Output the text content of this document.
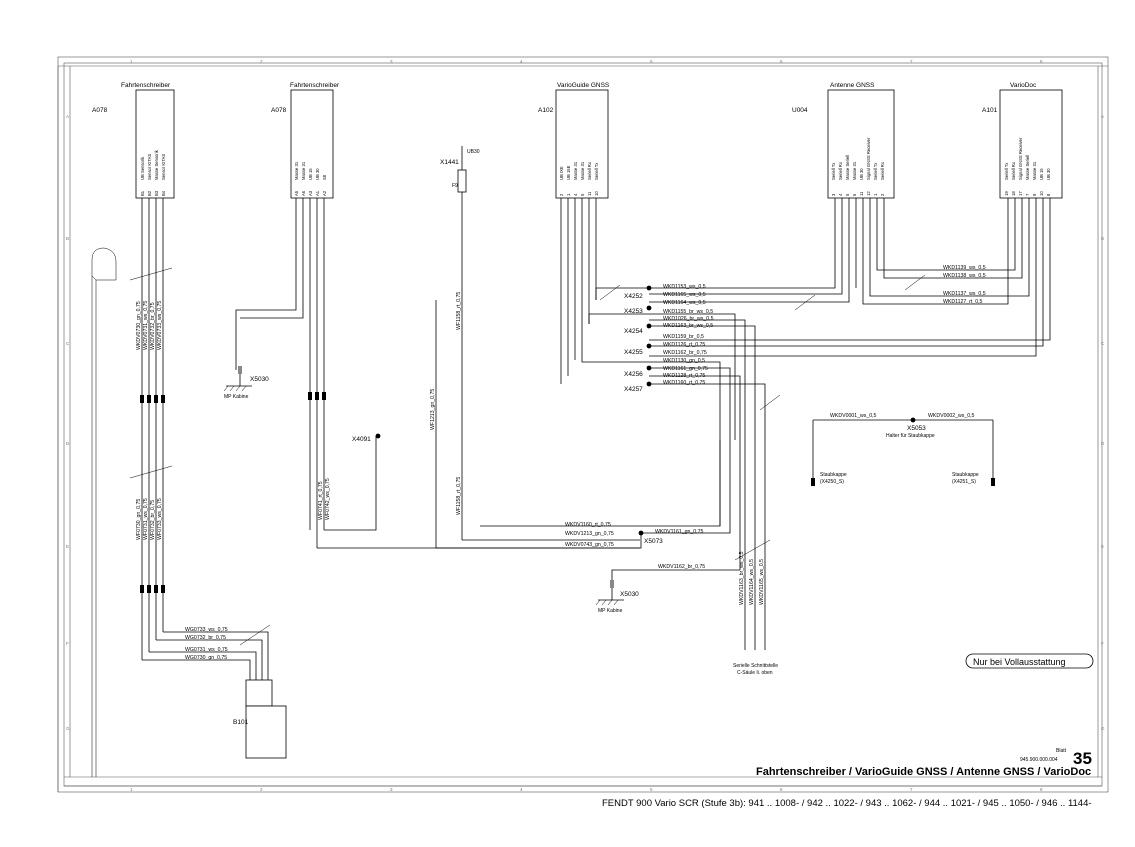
1	2	3	4	5	6	7	8
1	2	3	4	5	6	7	8
A
B
C
D
E
F
G
A
B
C
D
E
F
G
Fahrtenschreiber
A078
UB Sensorik Sensor KITAS Masse Sensorik Sensor KITAS
B1 B2 B3 B4
WKDV0730_gn_0,75 WKDV0731_ws_0,75 WKDV0732_br_0,75 WKDV0733_ws_0,75
WF0730_gn_0,75 WF0731_ws_0,75 WF0732_br_0,75 WF0733_ws_0,75
WG0733_ws_0,75
WG0732_br_0,75
WG0731_ws_0,75
WG0730_gn_0,75
B101
Fahrtenschreiber
A078
Masse 31 Masse 31 UB 15 UB 30 S8
A5 A6 A3 A1 A2
WF0741_rt_0,75 WF0742_ws_0,75
X5030
MP Kabine
X4091
X1441
UB30
F9
WF1158_rt_0,75
WF1158_rt_0,75
WF1213_gn_0,75
X5073
WKDV1160_rt_0,75
WKDV1213_gn_0,75	WKDV1161_gn_0,75
WKDV0743_gn_0,75
WKDV1162_br_0,75
X5030
MP Kabine
VarioGuide GNSS
A102
UB IXE UB 15E Masse 31 Masse 31 Seriell Rx Seriell Tx
2 1 4 5 11 10
X4252
X4253
X4254
X4255
X4256
X4257
WKD1153_ws_0,5
WKD1165_ws_0,5
WKD1164_ws_0,5
WKD1155_br_ws_0,5
WKD1026_br_ws_0,5
WKD1163_br_ws_0,5
WKD1159_br_0,5
WKD1126_rt_0,75
WKD1162_br_0,75
WKD1130_gn_0,5
WKD1161_gn_0,75
WKD1128_rt_0,75
WKD1160_rt_0,75
Antenne GNSS
U004
Seriell Tx Seriell Rx Masse Seriell Masse 31 UB 30 Signal GNSS Receiver Seriell Tx Seriell Rx
3 4 5 6 11 12 1 2
WKD1139_ws_0,5
WKD1138_ws_0,5
WKD1137_ws_0,5
WKD1127_rt_0,5
VarioDoc
A101
Seriell Tx Seriell Rx Signal GNSS Receiver Masse Seriell Masse 31 UB 15 UB 30
19 18 17 7 9 10 8
WKDV0001_ws_0,5	WKDV0002_ws_0,5
X5053
Halter für Staubkappe
Staubkappe
(X4250_S)
Staubkappe
(X4251_S)
WKDV1163_br_ws_0,5 WKDV1164_ws_0,5 WKDV1165_ws_0,5
Serielle Schnittstelle
C-Säule li. oben
Nur bei Vollausstattung
Blatt
945.900.000.004 35
Fahrtenschreiber / VarioGuide GNSS / Antenne GNSS / VarioDoc
FENDT 900 Vario SCR (Stufe 3b): 941 .. 1008- / 942 .. 1022- / 943 .. 1062- / 944 .. 1021- / 945 .. 1050- / 946 .. 1144-
